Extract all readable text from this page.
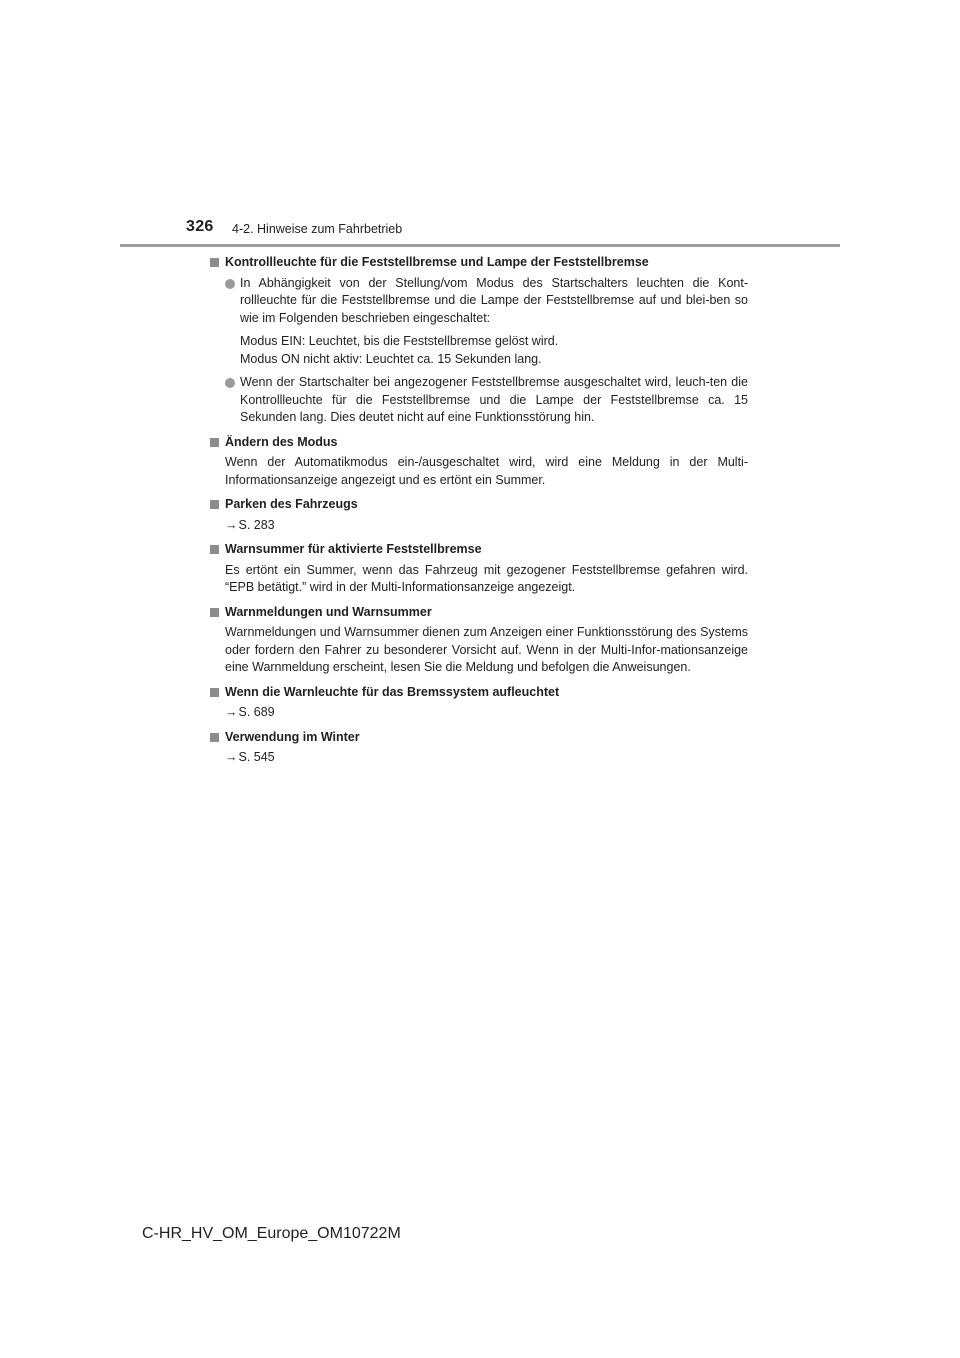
326 4-2. Hinweise zum Fahrbetrieb
Kontrollleuchte für die Feststellbremse und Lampe der Feststellbremse
In Abhängigkeit von der Stellung/vom Modus des Startschalters leuchten die Kont-rollleuchte für die Feststellbremse und die Lampe der Feststellbremse auf und blei-ben so wie im Folgenden beschrieben eingeschaltet:
Modus EIN: Leuchtet, bis die Feststellbremse gelöst wird.
Modus ON nicht aktiv: Leuchtet ca. 15 Sekunden lang.
Wenn der Startschalter bei angezogener Feststellbremse ausgeschaltet wird, leuch-ten die Kontrollleuchte für die Feststellbremse und die Lampe der Feststellbremse ca. 15 Sekunden lang. Dies deutet nicht auf eine Funktionsstörung hin.
Ändern des Modus
Wenn der Automatikmodus ein-/ausgeschaltet wird, wird eine Meldung in der Multi-Informationsanzeige angezeigt und es ertönt ein Summer.
Parken des Fahrzeugs
→S. 283
Warnsummer für aktivierte Feststellbremse
Es ertönt ein Summer, wenn das Fahrzeug mit gezogener Feststellbremse gefahren wird. “EPB betätigt.” wird in der Multi-Informationsanzeige angezeigt.
Warnmeldungen und Warnsummer
Warnmeldungen und Warnsummer dienen zum Anzeigen einer Funktionsstörung des Systems oder fordern den Fahrer zu besonderer Vorsicht auf. Wenn in der Multi-Infor-mationsanzeige eine Warnmeldung erscheint, lesen Sie die Meldung und befolgen die Anweisungen.
Wenn die Warnleuchte für das Bremssystem aufleuchtet
→S. 689
Verwendung im Winter
→S. 545
C-HR_HV_OM_Europe_OM10722M
